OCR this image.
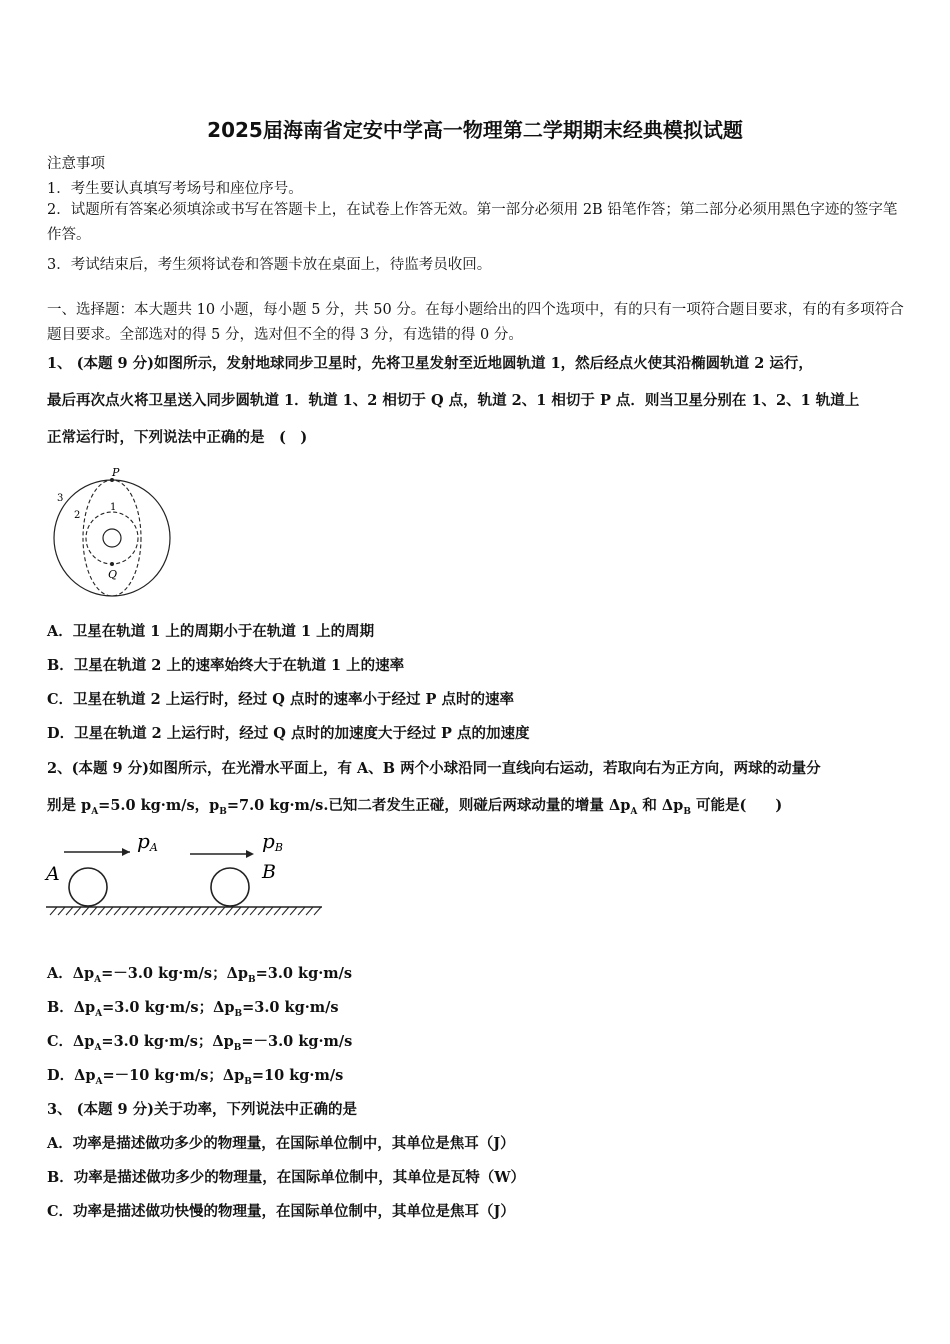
2025届海南省定安中学高一物理第二学期期末经典模拟试题
注意事项
1．考生要认真填写考场号和座位序号。
2．试题所有答案必须填涂或书写在答题卡上，在试卷上作答无效。第一部分必须用 2B 铅笔作答；第二部分必须用黑色字迹的签字笔作答。
3．考试结束后，考生须将试卷和答题卡放在桌面上，待监考员收回。
一、选择题：本大题共 10 小题，每小题 5 分，共 50 分。在每小题给出的四个选项中，有的只有一项符合题目要求，有的有多项符合题目要求。全部选对的得 5 分，选对但不全的得 3 分，有选错的得 0 分。
1、 (本题 9 分)如图所示，发射地球同步卫星时，先将卫星发射至近地圆轨道 1，然后经点火使其沿椭圆轨道 2 运行，
最后再次点火将卫星送入同步圆轨道 1．轨道 1、2 相切于 Q 点，轨道 2、1 相切于 P 点．则当卫星分别在 1、2、1 轨道上
正常运行时，下列说法中正确的是　(　)
P
Q
1
2
3
A．卫星在轨道 1 上的周期小于在轨道 1 上的周期
B．卫星在轨道 2 上的速率始终大于在轨道 1 上的速率
C．卫星在轨道 2 上运行时，经过 Q 点时的速率小于经过 P 点时的速率
D．卫星在轨道 2 上运行时，经过 Q 点时的加速度大于经过 P 点的加速度
2、(本题 9 分)如图所示，在光滑水平面上，有 A、B 两个小球沿同一直线向右运动，若取向右为正方向，两球的动量分
别是 $p_A=5.0$ kg·m/s，$p_B=7.0$ kg·m/s.已知二者发生正碰，则碰后两球动量的增量 $\Delta p_A$ 和 $\Delta p_B$ 可能是(　　)
pA	pB
A	B
A．$\Delta p_A=-3.0$ kg·m/s；$\Delta p_B=3.0$ kg·m/s
B．$\Delta p_A=3.0$ kg·m/s；$\Delta p_B=3.0$ kg·m/s
C．$\Delta p_A=3.0$ kg·m/s；$\Delta p_B=-3.0$ kg·m/s
D．$\Delta p_A=-10$ kg·m/s；$\Delta p_B=10$ kg·m/s
3、 (本题 9 分)关于功率，下列说法中正确的是
A．功率是描述做功多少的物理量，在国际单位制中，其单位是焦耳（J）
B．功率是描述做功多少的物理量，在国际单位制中，其单位是瓦特（W）
C．功率是描述做功快慢的物理量，在国际单位制中，其单位是焦耳（J）
